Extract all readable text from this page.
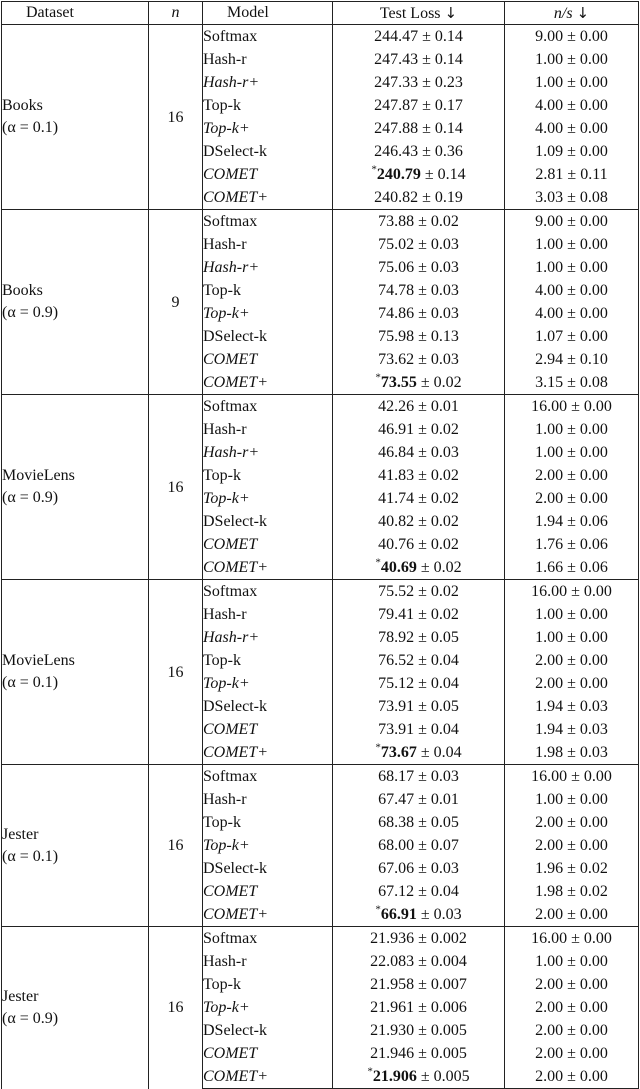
Dataset	n	Model	Test Loss ↓	n/s ↓

Books
(α = 0.1)	16	Softmax	244.47 ± 0.14	9.00 ± 0.00
		Hash-r	247.43 ± 0.14	1.00 ± 0.00
		Hash-r+	247.33 ± 0.23	1.00 ± 0.00
		Top-k	247.87 ± 0.17	4.00 ± 0.00
		Top-k+	247.88 ± 0.14	4.00 ± 0.00
		DSelect-k	246.43 ± 0.36	1.09 ± 0.00
		COMET	*240.79 ± 0.14	2.81 ± 0.11
		COMET+	240.82 ± 0.19	3.03 ± 0.08

Books
(α = 0.9)	9	Softmax	73.88 ± 0.02	9.00 ± 0.00
		Hash-r	75.02 ± 0.03	1.00 ± 0.00
		Hash-r+	75.06 ± 0.03	1.00 ± 0.00
		Top-k	74.78 ± 0.03	4.00 ± 0.00
		Top-k+	74.86 ± 0.03	4.00 ± 0.00
		DSelect-k	75.98 ± 0.13	1.07 ± 0.00
		COMET	73.62 ± 0.03	2.94 ± 0.10
		COMET+	*73.55 ± 0.02	3.15 ± 0.08

MovieLens
(α = 0.9)	16	Softmax	42.26 ± 0.01	16.00 ± 0.00
		Hash-r	46.91 ± 0.02	1.00 ± 0.00
		Hash-r+	46.84 ± 0.03	1.00 ± 0.00
		Top-k	41.83 ± 0.02	2.00 ± 0.00
		Top-k+	41.74 ± 0.02	2.00 ± 0.00
		DSelect-k	40.82 ± 0.02	1.94 ± 0.06
		COMET	40.76 ± 0.02	1.76 ± 0.06
		COMET+	*40.69 ± 0.02	1.66 ± 0.06

MovieLens
(α = 0.1)	16	Softmax	75.52 ± 0.02	16.00 ± 0.00
		Hash-r	79.41 ± 0.02	1.00 ± 0.00
		Hash-r+	78.92 ± 0.05	1.00 ± 0.00
		Top-k	76.52 ± 0.04	2.00 ± 0.00
		Top-k+	75.12 ± 0.04	2.00 ± 0.00
		DSelect-k	73.91 ± 0.05	1.94 ± 0.03
		COMET	73.91 ± 0.04	1.94 ± 0.03
		COMET+	*73.67 ± 0.04	1.98 ± 0.03

Jester
(α = 0.1)	16	Softmax	68.17 ± 0.03	16.00 ± 0.00
		Hash-r	67.47 ± 0.01	1.00 ± 0.00
		Top-k	68.38 ± 0.05	2.00 ± 0.00
		Top-k+	68.00 ± 0.07	2.00 ± 0.00
		DSelect-k	67.06 ± 0.03	1.96 ± 0.02
		COMET	67.12 ± 0.04	1.98 ± 0.02
		COMET+	*66.91 ± 0.03	2.00 ± 0.00

Jester
(α = 0.9)	16	Softmax	21.936 ± 0.002	16.00 ± 0.00
		Hash-r	22.083 ± 0.004	1.00 ± 0.00
		Top-k	21.958 ± 0.007	2.00 ± 0.00
		Top-k+	21.961 ± 0.006	2.00 ± 0.00
		DSelect-k	21.930 ± 0.005	2.00 ± 0.00
		COMET	21.946 ± 0.005	2.00 ± 0.00
		COMET+	*21.906 ± 0.005	2.00 ± 0.00
